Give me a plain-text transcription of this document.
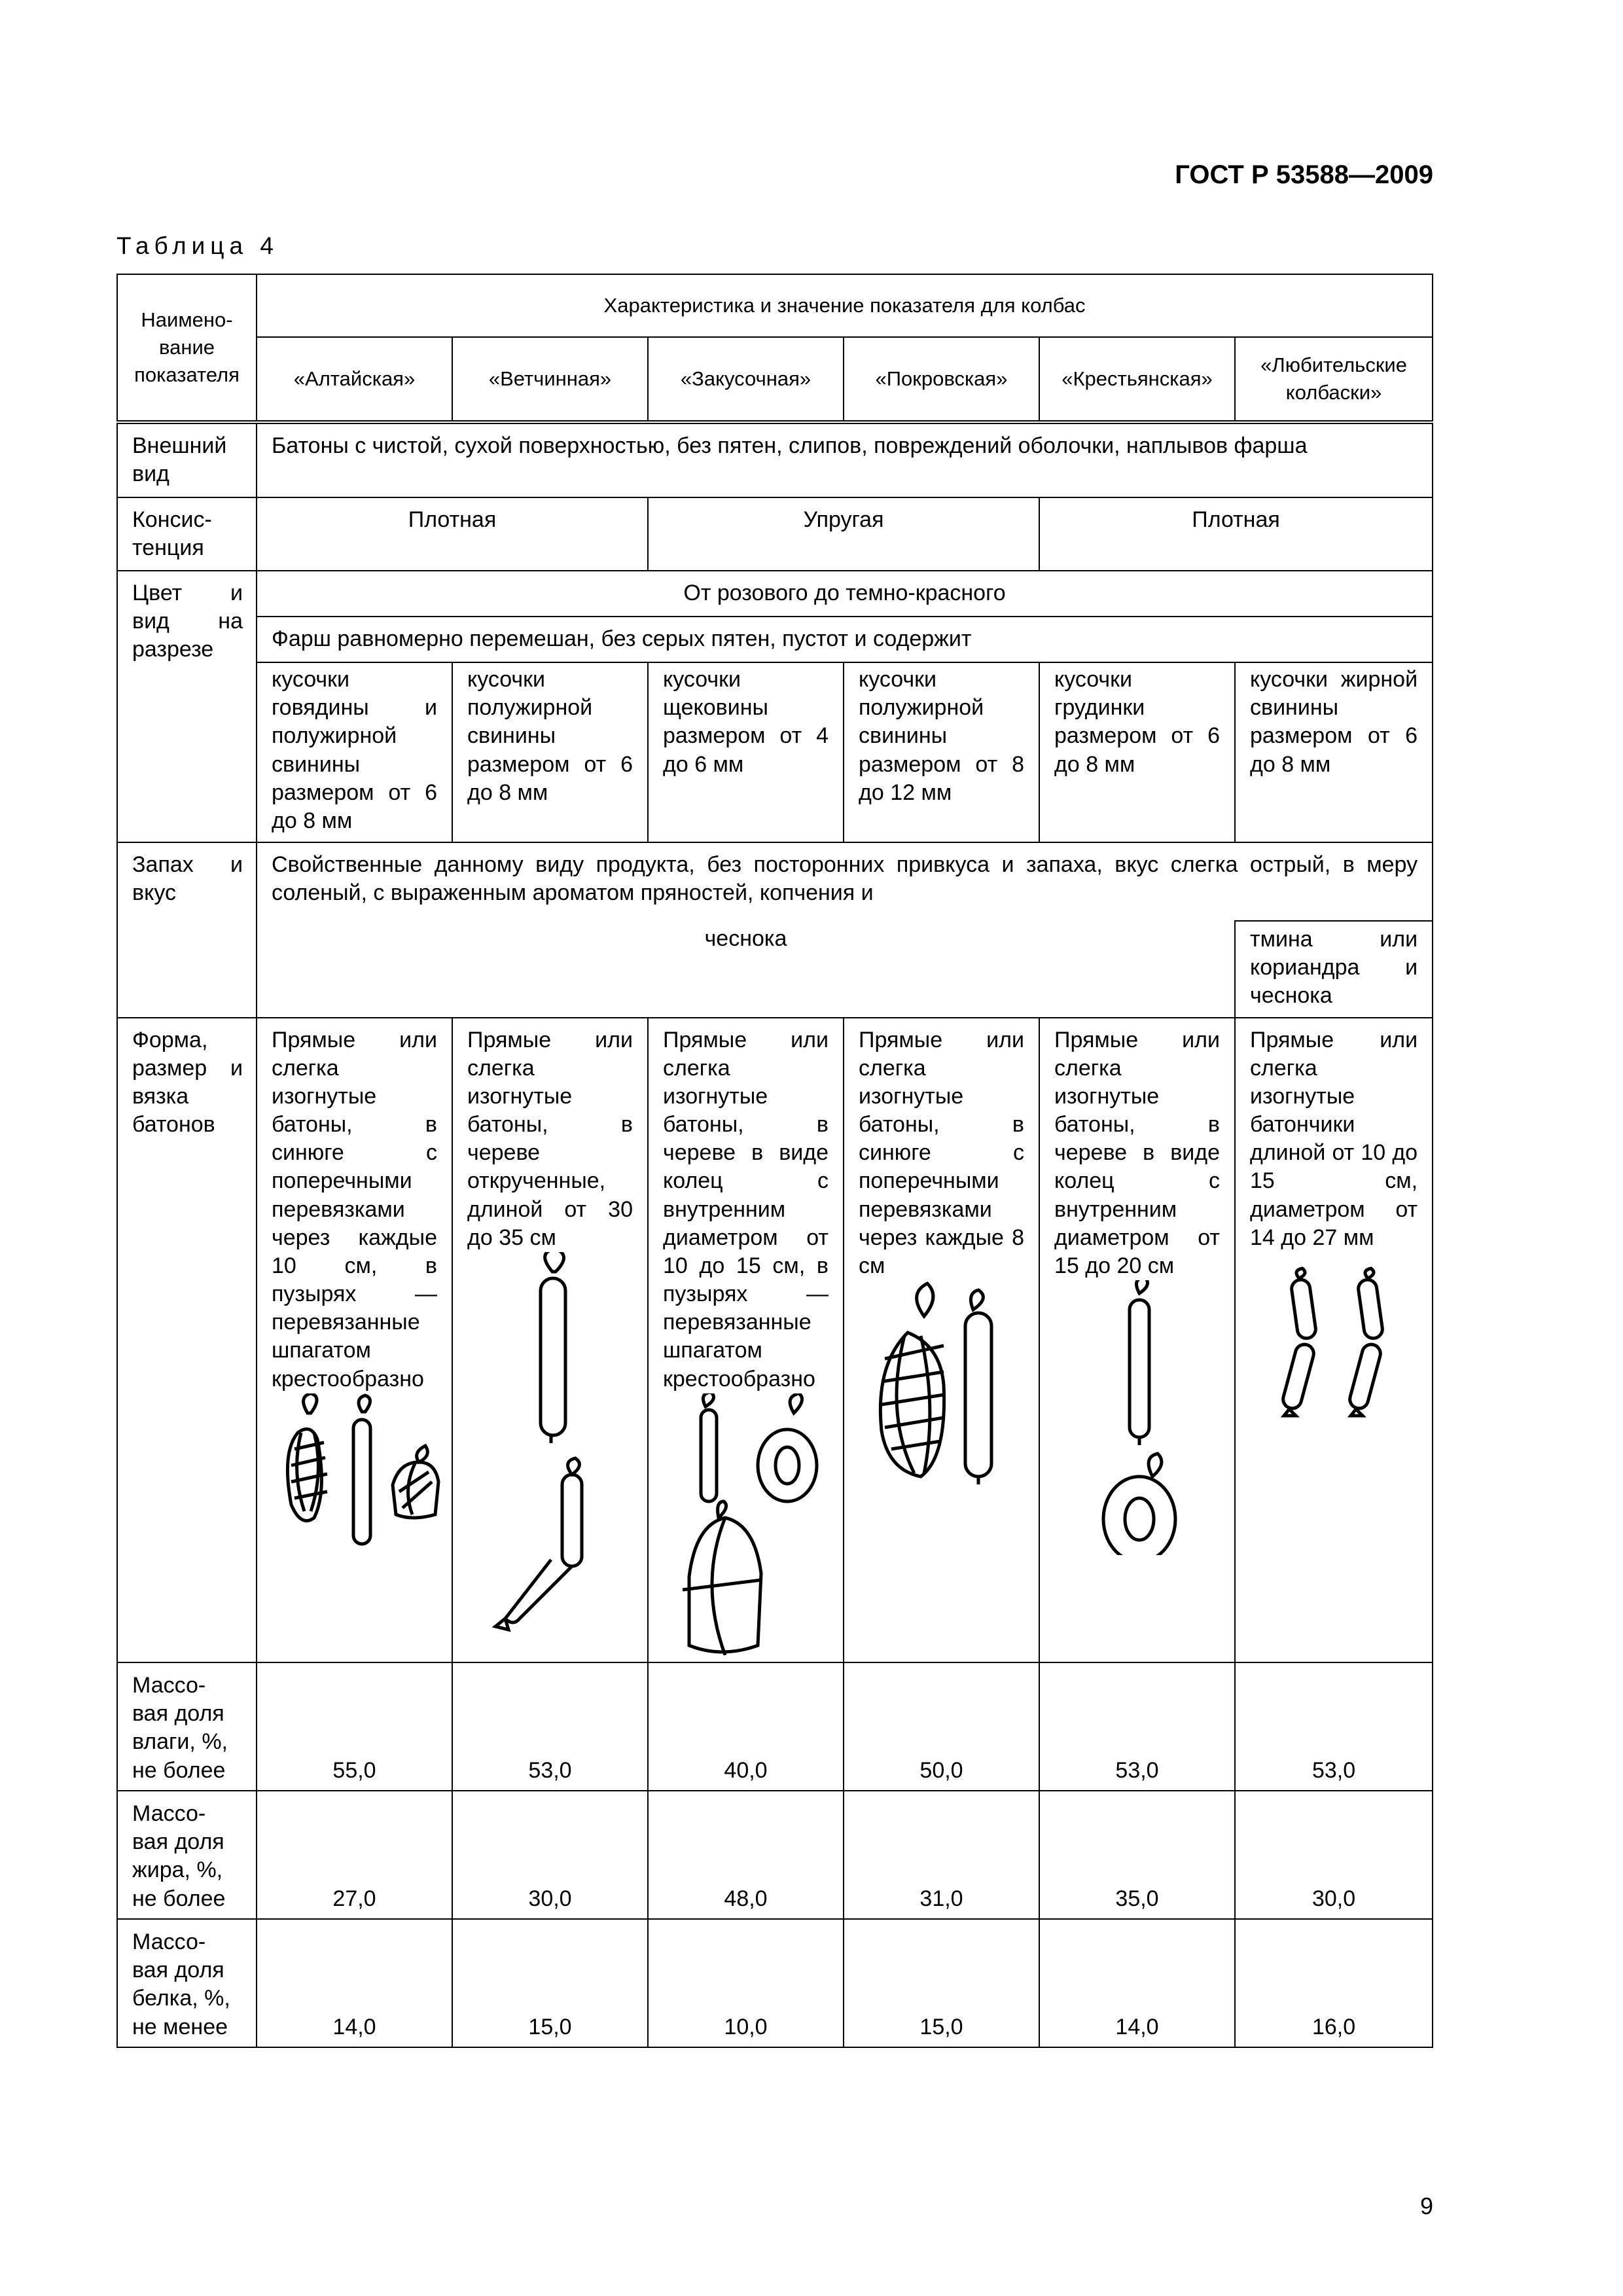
ГОСТ Р 53588—2009
Таблица 4
Наимено-
вание
показателя	Характеристика и значение показателя для колбас					
	«Алтайская»	«Ветчинная»	«Закусочная»	«Покровская»	«Крестьянская»	«Любительские колбаски»
Внешний вид	Батоны с чистой, сухой поверхностью, без пятен, слипов, повреждений оболочки, наплывов фарша					
Консис-
тенция	Плотная		Упругая		Плотная	
Цвет и вид на разрезе	От розового до темно-красного					
	Фарш равномерно перемешан, без серых пятен, пустот и содержит					
	кусочки говядины и полужирной свинины размером от 6 до 8 мм	кусочки полужирной свинины размером от 6 до 8 мм	кусочки щековины размером от 4 до 6 мм	кусочки полужирной свинины размером от 8 до 12 мм	кусочки грудинки размером от 6 до 8 мм	кусочки жирной свинины размером от 6 до 8 мм
Запах и вкус	Свойственные данному виду продукта, без посторонних привкуса и запаха, вкус слегка острый, в меру соленый, с выраженным ароматом пряностей, копчения и					
	чеснока					тмина или кориандра и чеснока
Форма, размер и вязка батонов	Прямые или слегка изогнутые батоны, в синюге с поперечными перевязками через каждые 10 см, в пузырях — перевязанные шпагатом крестообразно	Прямые или слегка изогнутые батоны, в череве открученные, длиной от 30 до 35 см	Прямые или слегка изогнутые батоны, в череве в виде колец с внутренним диаметром от 10 до 15 см, в пузырях — перевязанные шпагатом крестообразно	Прямые или слегка изогнутые батоны, в синюге с поперечными перевязками через каждые 8 см	Прямые или слегка изогнутые батоны, в череве в виде колец с внутренним диаметром от 15 до 20 см	Прямые или слегка изогнутые батончики длиной от 10 до 15 см, диаметром от 14 до 27 мм

Массо-
вая доля
влаги, %,
не более	55,0	53,0	40,0	50,0	53,0	53,0
Массо-
вая доля
жира, %,
не более	27,0	30,0	48,0	31,0	35,0	30,0
Массо-
вая доля
белка, %,
не менее	14,0	15,0	10,0	15,0	14,0	16,0
9
